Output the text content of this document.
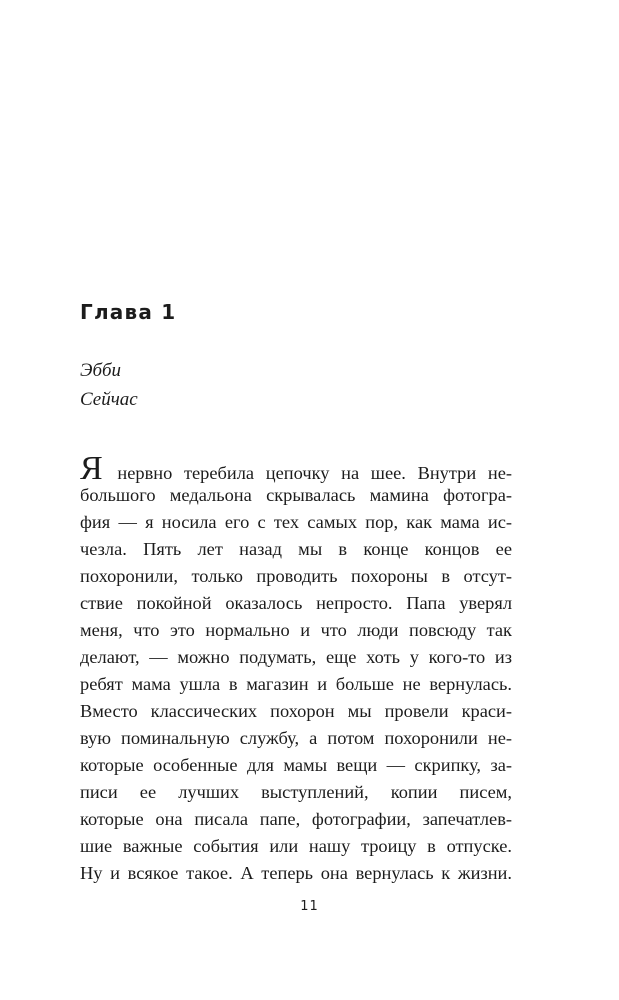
Глава 1

Эбби

Сейчас

Я нервно теребила цепочку на шее. Внутри не-
большого медальона скрывалась мамина фотогра-
фия — я носила его с тех самых пор, как мама ис-
чезла. Пять лет назад мы в конце концов ее
похоронили, только проводить похороны в отсут-
ствие покойной оказалось непросто. Папа уверял
меня, что это нормально и что люди повсюду так
делают, — можно подумать, еще хоть у кого-то из
ребят мама ушла в магазин и больше не вернулась.
Вместо классических похорон мы провели краси-
вую поминальную службу, а потом похоронили не-
которые особенные для мамы вещи — скрипку, за-
писи ее лучших выступлений, копии писем,
которые она писала папе, фотографии, запечатлев-
шие важные события или нашу троицу в отпуске.
Ну и всякое такое. А теперь она вернулась к жизни.

11
